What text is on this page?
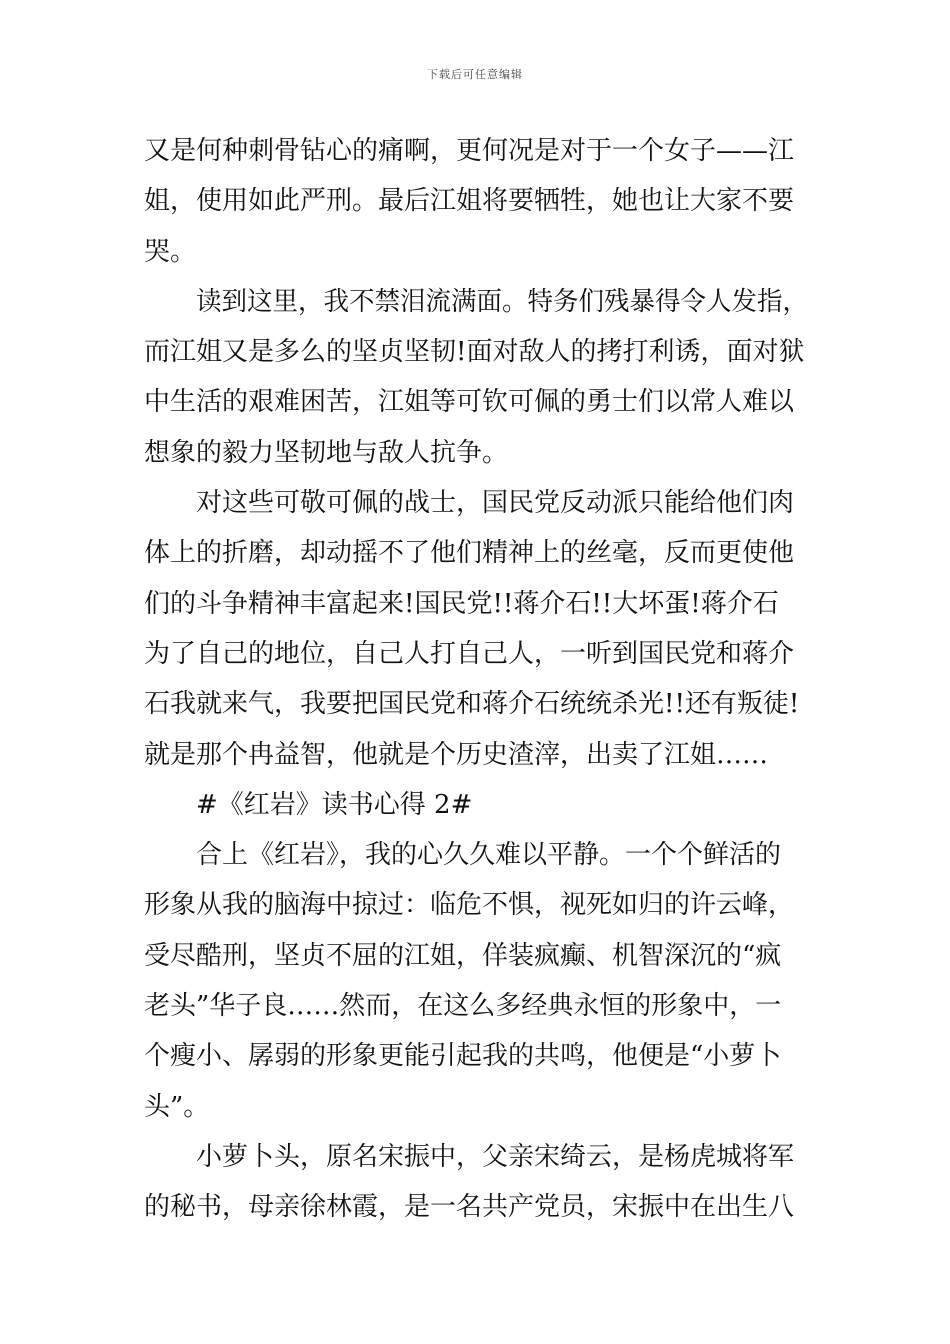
下载后可任意编辑
又是何种刺骨钻心的痛啊，更何况是对于一个女子——江
姐，使用如此严刑。最后江姐将要牺牲，她也让大家不要
哭。
读到这里，我不禁泪流满面。特务们残暴得令人发指，
而江姐又是多么的坚贞坚韧!面对敌人的拷打利诱，面对狱
中生活的艰难困苦，江姐等可钦可佩的勇士们以常人难以
想象的毅力坚韧地与敌人抗争。
对这些可敬可佩的战士，国民党反动派只能给他们肉
体上的折磨，却动摇不了他们精神上的丝毫，反而更使他
们的斗争精神丰富起来!国民党!!蒋介石!!大坏蛋!蒋介石
为了自己的地位，自己人打自己人，一听到国民党和蒋介
石我就来气，我要把国民党和蒋介石统统杀光!!还有叛徒!
就是那个冉益智，他就是个历史渣滓，出卖了江姐……
#《红岩》读书心得 2#
合上《红岩》，我的心久久难以平静。一个个鲜活的
形象从我的脑海中掠过：临危不惧，视死如归的许云峰，
受尽酷刑，坚贞不屈的江姐，佯装疯癫、机智深沉的“疯
老头”华子良……然而，在这么多经典永恒的形象中，一
个瘦小、孱弱的形象更能引起我的共鸣，他便是“小萝卜
头”。
小萝卜头，原名宋振中，父亲宋绮云，是杨虎城将军
的秘书，母亲徐林霞，是一名共产党员，宋振中在出生八
